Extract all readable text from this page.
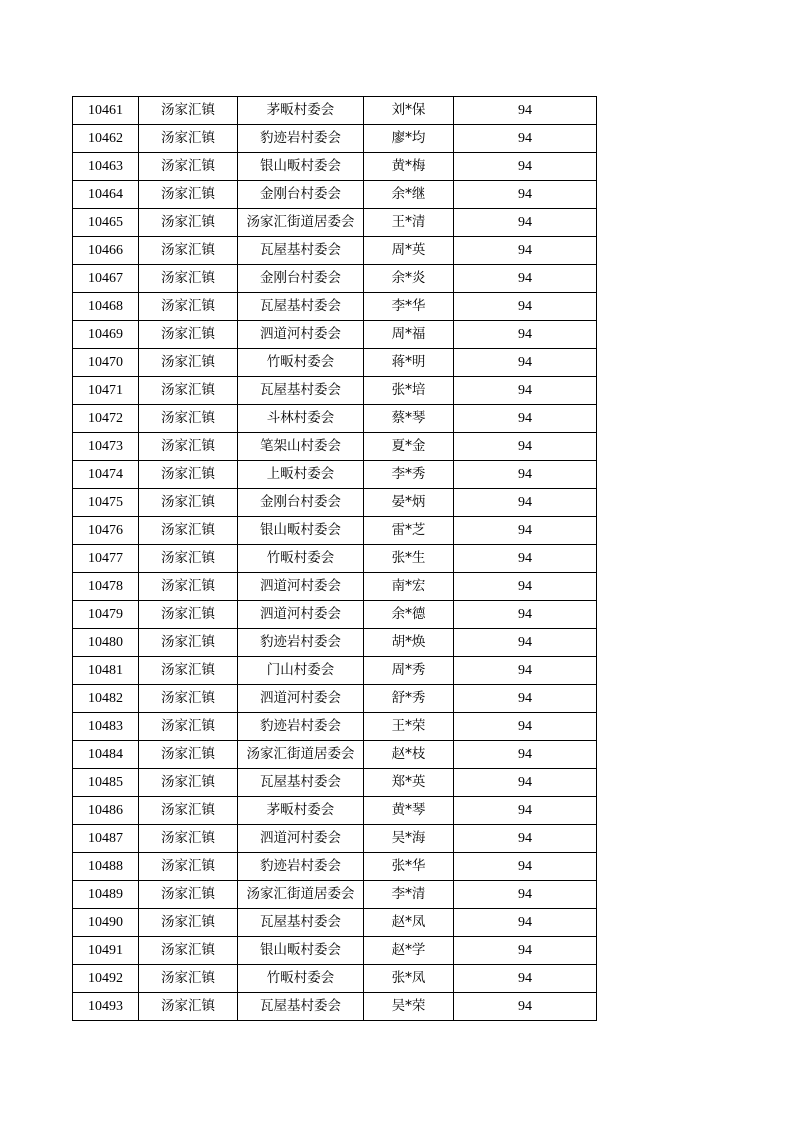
10461	汤家汇镇	茅畈村委会	刘*保	94
10462	汤家汇镇	豹迹岩村委会	廖*均	94
10463	汤家汇镇	银山畈村委会	黄*梅	94
10464	汤家汇镇	金刚台村委会	余*继	94
10465	汤家汇镇	汤家汇街道居委会	王*清	94
10466	汤家汇镇	瓦屋基村委会	周*英	94
10467	汤家汇镇	金刚台村委会	余*炎	94
10468	汤家汇镇	瓦屋基村委会	李*华	94
10469	汤家汇镇	泗道河村委会	周*福	94
10470	汤家汇镇	竹畈村委会	蒋*明	94
10471	汤家汇镇	瓦屋基村委会	张*培	94
10472	汤家汇镇	斗林村委会	蔡*琴	94
10473	汤家汇镇	笔架山村委会	夏*金	94
10474	汤家汇镇	上畈村委会	李*秀	94
10475	汤家汇镇	金刚台村委会	晏*炳	94
10476	汤家汇镇	银山畈村委会	雷*芝	94
10477	汤家汇镇	竹畈村委会	张*生	94
10478	汤家汇镇	泗道河村委会	南*宏	94
10479	汤家汇镇	泗道河村委会	余*德	94
10480	汤家汇镇	豹迹岩村委会	胡*焕	94
10481	汤家汇镇	门山村委会	周*秀	94
10482	汤家汇镇	泗道河村委会	舒*秀	94
10483	汤家汇镇	豹迹岩村委会	王*荣	94
10484	汤家汇镇	汤家汇街道居委会	赵*枝	94
10485	汤家汇镇	瓦屋基村委会	郑*英	94
10486	汤家汇镇	茅畈村委会	黄*琴	94
10487	汤家汇镇	泗道河村委会	吴*海	94
10488	汤家汇镇	豹迹岩村委会	张*华	94
10489	汤家汇镇	汤家汇街道居委会	李*清	94
10490	汤家汇镇	瓦屋基村委会	赵*凤	94
10491	汤家汇镇	银山畈村委会	赵*学	94
10492	汤家汇镇	竹畈村委会	张*凤	94
10493	汤家汇镇	瓦屋基村委会	吴*荣	94
